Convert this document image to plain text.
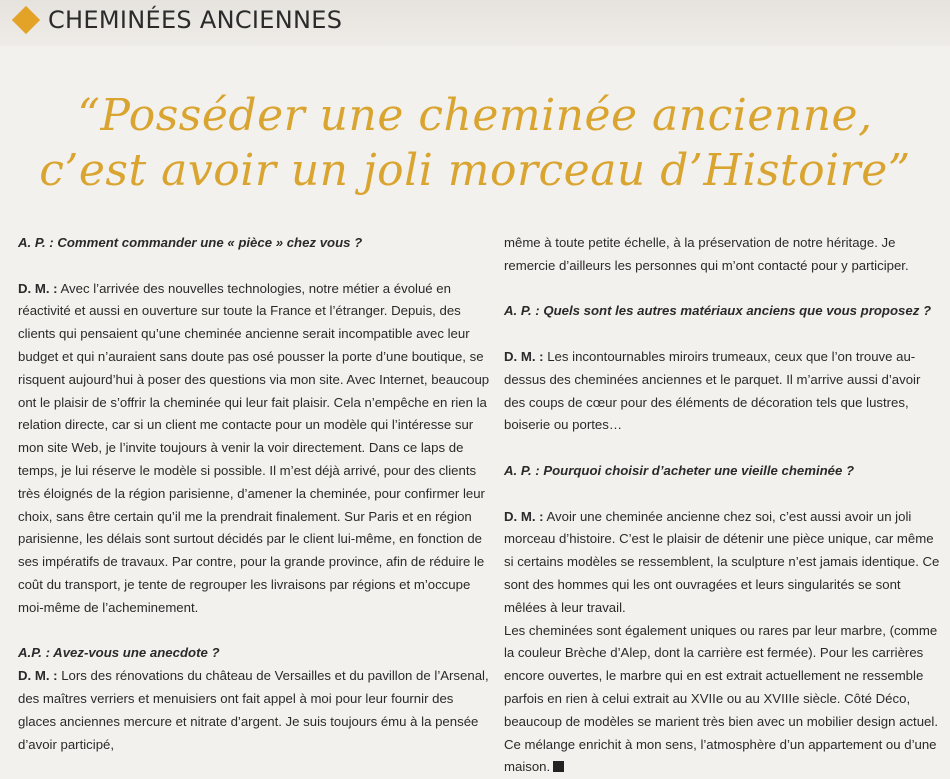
CHEMINÉES ANCIENNES
“Posséder une cheminée ancienne,
c’est avoir un joli morceau d’Histoire”

A. P. : Comment commander une « pièce » chez vous ?

D. M. : Avec l’arrivée des nouvelles technologies, notre métier a évolué en réactivité et aussi en ouverture sur toute la France et l’étranger. Depuis, des clients qui pensaient qu’une cheminée ancienne serait incompatible avec leur budget et qui n’auraient sans doute pas osé pousser la porte d’une boutique, se risquent aujourd’hui à poser des questions via mon site. Avec Internet, beaucoup ont le plaisir de s’offrir la cheminée qui leur fait plaisir. Cela n’empêche en rien la relation directe, car si un client me contacte pour un modèle qui l’intéresse sur mon site Web, je l’invite toujours à venir la voir directement. Dans ce laps de temps, je lui réserve le modèle si possible. Il m’est déjà arrivé, pour des clients très éloignés de la région parisienne, d’amener la cheminée, pour confirmer leur choix, sans être certain qu’il me la prendrait finalement. Sur Paris et en région parisienne, les délais sont surtout décidés par le client lui-même, en fonction de ses impératifs de travaux. Par contre, pour la grande province, afin de réduire le coût du transport, je tente de regrouper les livraisons par régions et m’occupe moi-même de l’acheminement.

A.P. : Avez-vous une anecdote ?

D. M. : Lors des rénovations du château de Versailles et du pavillon de l’Arsenal, des maîtres verriers et menuisiers ont fait appel à moi pour leur fournir des glaces anciennes mercure et nitrate d’argent. Je suis toujours ému à la pensée d’avoir participé,

même à toute petite échelle, à la préservation de notre héritage. Je remercie d’ailleurs les personnes qui m’ont contacté pour y participer.

A. P. : Quels sont les autres matériaux anciens que vous proposez ?

D. M. : Les incontournables miroirs trumeaux, ceux que l’on trouve au-dessus des cheminées anciennes et le parquet. Il m’arrive aussi d’avoir des coups de cœur pour des éléments de décoration tels que lustres, boiserie ou portes…

A. P. : Pourquoi choisir d’acheter une vieille cheminée ?

D. M. : Avoir une cheminée ancienne chez soi, c’est aussi avoir un joli morceau d’histoire. C’est le plaisir de détenir une pièce unique, car même si certains modèles se ressemblent, la sculpture n’est jamais identique. Ce sont des hommes qui les ont ouvragées et leurs singularités se sont mêlées à leur travail.

Les cheminées sont également uniques ou rares par leur marbre, (comme la couleur Brèche d’Alep, dont la carrière est fermée). Pour les carrières encore ouvertes, le marbre qui en est extrait actuellement ne ressemble parfois en rien à celui extrait au XVIIe ou au XVIIIe siècle. Côté Déco, beaucoup de modèles se marient très bien avec un mobilier design actuel. Ce mélange enrichit à mon sens, l’atmosphère d’un appartement ou d’une maison.
